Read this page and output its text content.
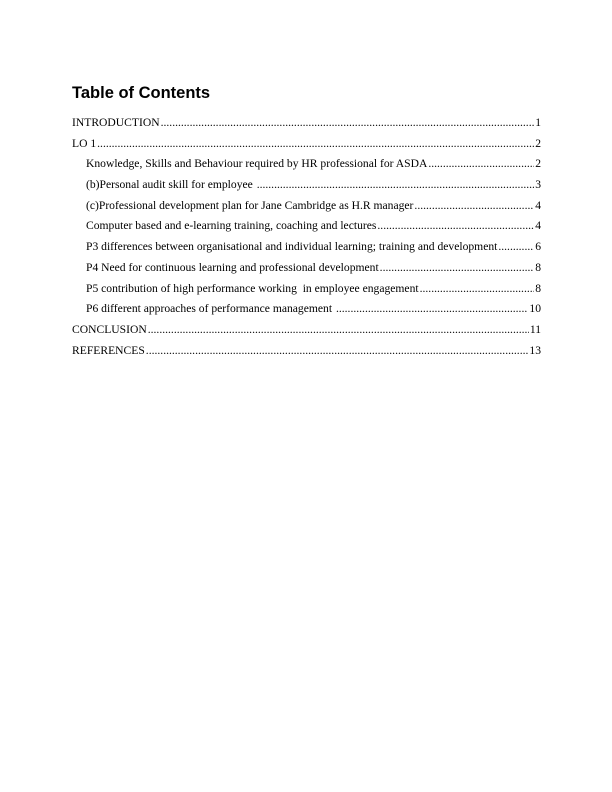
Table of Contents
INTRODUCTION .....	1
LO 1 .....	2
Knowledge, Skills and Behaviour required by HR professional for ASDA .....	2
(b)Personal audit skill for employee .....	3
(c)Professional development plan for Jane Cambridge as H.R manager .....	4
Computer based and e-learning training, coaching and lectures .....	4
P3 differences between organisational and individual learning; training and development .....	6
P4 Need for continuous learning and professional development .....	8
P5 contribution of high performance working  in employee engagement .....	8
P6 different approaches of performance management .....	10
CONCLUSION .....	11
REFERENCES .....	13
